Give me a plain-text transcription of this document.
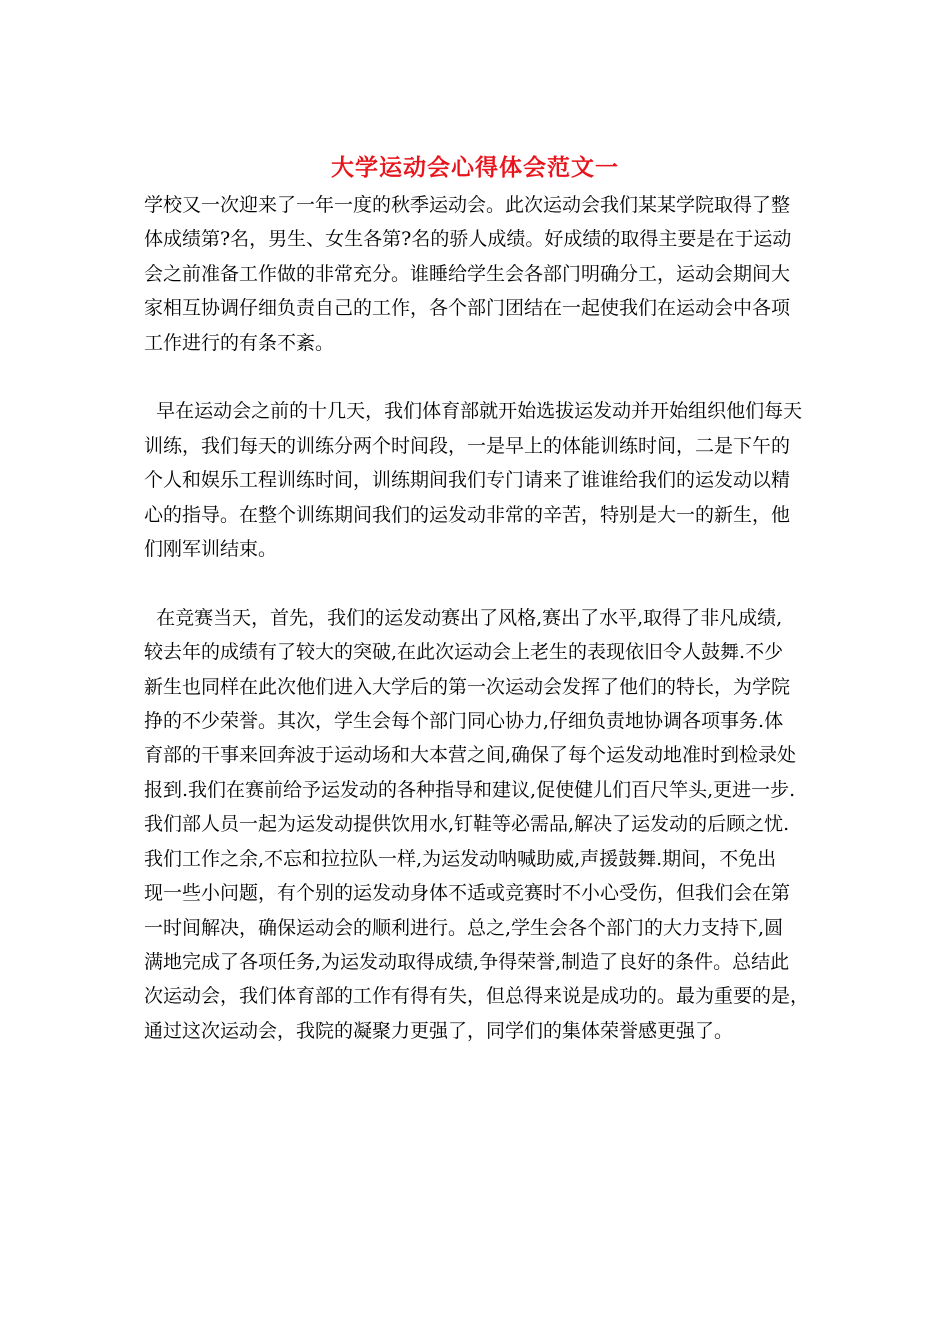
大学运动会心得体会范文一
学校又一次迎来了一年一度的秋季运动会。此次运动会我们某某学院取得了整
体成绩第?名，男生、女生各第?名的骄人成绩。好成绩的取得主要是在于运动
会之前准备工作做的非常充分。谁睡给学生会各部门明确分工，运动会期间大
家相互协调仔细负责自己的工作，各个部门团结在一起使我们在运动会中各项
工作进行的有条不紊。
早在运动会之前的十几天，我们体育部就开始选拔运发动并开始组织他们每天
训练，我们每天的训练分两个时间段，一是早上的体能训练时间，二是下午的
个人和娱乐工程训练时间，训练期间我们专门请来了谁谁给我们的运发动以精
心的指导。在整个训练期间我们的运发动非常的辛苦，特别是大一的新生，他
们刚军训结束。
在竞赛当天，首先，我们的运发动赛出了风格,赛出了水平,取得了非凡成绩,
较去年的成绩有了较大的突破,在此次运动会上老生的表现依旧令人鼓舞.不少
新生也同样在此次他们进入大学后的第一次运动会发挥了他们的特长，为学院
挣的不少荣誉。其次，学生会每个部门同心协力,仔细负责地协调各项事务.体
育部的干事来回奔波于运动场和大本营之间,确保了每个运发动地准时到检录处
报到.我们在赛前给予运发动的各种指导和建议,促使健儿们百尺竿头,更进一步.
我们部人员一起为运发动提供饮用水,钉鞋等必需品,解决了运发动的后顾之忧.
我们工作之余,不忘和拉拉队一样,为运发动呐喊助威,声援鼓舞.期间，不免出
现一些小问题，有个别的运发动身体不适或竞赛时不小心受伤，但我们会在第
一时间解决，确保运动会的顺利进行。总之,学生会各个部门的大力支持下,圆
满地完成了各项任务,为运发动取得成绩,争得荣誉,制造了良好的条件。总结此
次运动会，我们体育部的工作有得有失，但总得来说是成功的。最为重要的是，
通过这次运动会，我院的凝聚力更强了，同学们的集体荣誉感更强了。
